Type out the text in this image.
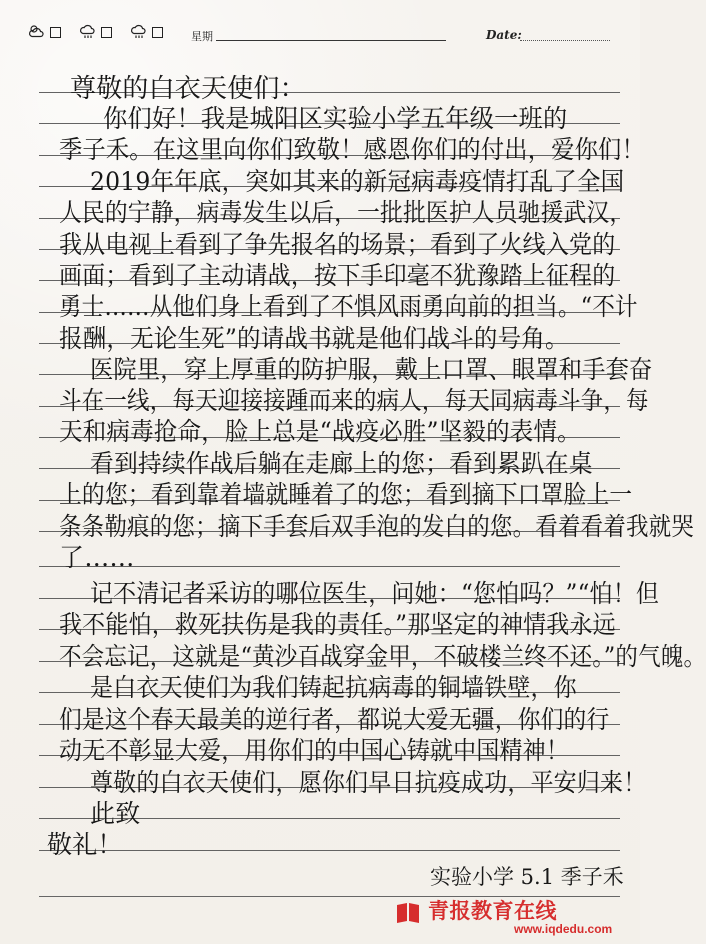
星期	Date:
尊敬的白衣天使们：
你们好！我是城阳区实验小学五年级一班的
季子禾。在这里向你们致敬！感恩你们的付出，爱你们！
2019年年底，突如其来的新冠病毒疫情打乱了全国
人民的宁静，病毒发生以后，一批批医护人员驰援武汉，
我从电视上看到了争先报名的场景；看到了火线入党的
画面；看到了主动请战，按下手印毫不犹豫踏上征程的
勇士……从他们身上看到了不惧风雨勇向前的担当。“不计
报酬，无论生死”的请战书就是他们战斗的号角。
医院里，穿上厚重的防护服，戴上口罩、眼罩和手套奋
斗在一线，每天迎接接踵而来的病人，每天同病毒斗争，每
天和病毒抢命，脸上总是“战疫必胜”坚毅的表情。
看到持续作战后躺在走廊上的您；看到累趴在桌
上的您；看到靠着墙就睡着了的您；看到摘下口罩脸上一
条条勒痕的您；摘下手套后双手泡的发白的您。看着看着我就哭
了……
记不清记者采访的哪位医生，问她：“您怕吗？”“怕！但
我不能怕，救死扶伤是我的责任。”那坚定的神情我永远
不会忘记，这就是“黄沙百战穿金甲，不破楼兰终不还。”的气魄。
是白衣天使们为我们铸起抗病毒的铜墙铁壁，你
们是这个春天最美的逆行者，都说大爱无疆，你们的行
动无不彰显大爱，用你们的中国心铸就中国精神！
尊敬的白衣天使们，愿你们早日抗疫成功，平安归来！
此致
敬礼！
实验小学 5.1 季子禾
青报教育在线
www.iqdedu.com
